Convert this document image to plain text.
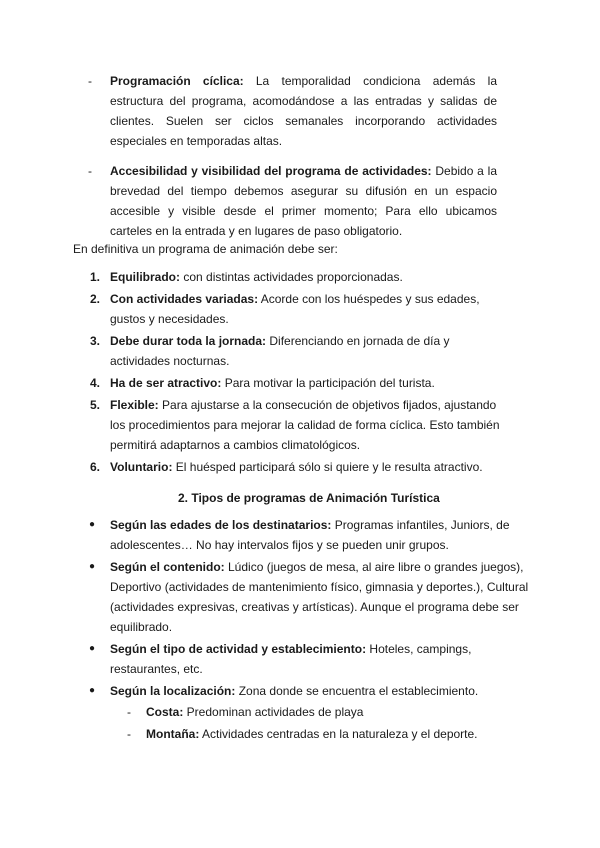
- Programación cíclica: La temporalidad condiciona además la estructura del programa, acomodándose a las entradas y salidas de clientes. Suelen ser ciclos semanales incorporando actividades especiales en temporadas altas.
- Accesibilidad y visibilidad del programa de actividades: Debido a la brevedad del tiempo debemos asegurar su difusión en un espacio accesible y visible desde el primer momento; Para ello ubicamos carteles en la entrada y en lugares de paso obligatorio.
En definitiva un programa de animación debe ser:
1. Equilibrado: con distintas actividades proporcionadas.
2. Con actividades variadas: Acorde con los huéspedes y sus edades, gustos y necesidades.
3. Debe durar toda la jornada: Diferenciando en jornada de día y actividades nocturnas.
4. Ha de ser atractivo: Para motivar la participación del turista.
5. Flexible: Para ajustarse a la consecución de objetivos fijados, ajustando los procedimientos para mejorar la calidad de forma cíclica. Esto también permitirá adaptarnos a cambios climatológicos.
6. Voluntario: El huésped participará sólo si quiere y le resulta atractivo.
2. Tipos de programas de Animación Turística
● Según las edades de los destinatarios: Programas infantiles, Juniors, de adolescentes… No hay intervalos fijos y se pueden unir grupos.
● Según el contenido: Lúdico (juegos de mesa, al aire libre o grandes juegos), Deportivo (actividades de mantenimiento físico, gimnasia y deportes.), Cultural (actividades expresivas, creativas y artísticas). Aunque el programa debe ser equilibrado.
● Según el tipo de actividad y establecimiento: Hoteles, campings, restaurantes, etc.
● Según la localización: Zona donde se encuentra el establecimiento.
- Costa: Predominan actividades de playa
- Montaña: Actividades centradas en la naturaleza y el deporte.
